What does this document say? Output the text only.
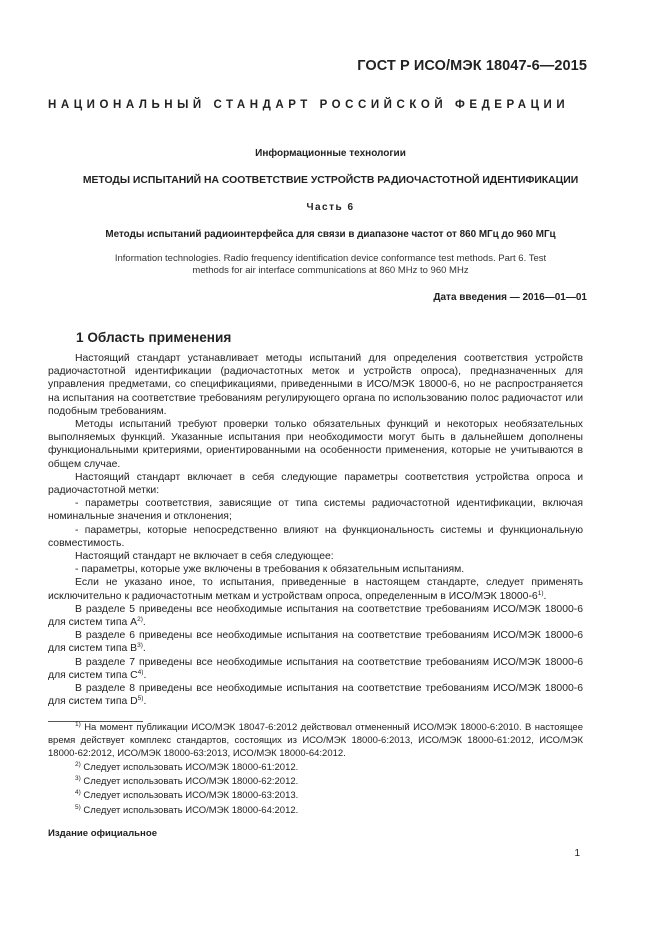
ГОСТ Р ИСО/МЭК 18047-6—2015
НАЦИОНАЛЬНЫЙ СТАНДАРТ РОССИЙСКОЙ ФЕДЕРАЦИИ
Информационные технологии
МЕТОДЫ ИСПЫТАНИЙ НА СООТВЕТСТВИЕ УСТРОЙСТВ РАДИОЧАСТОТНОЙ ИДЕНТИФИКАЦИИ
Часть 6
Методы испытаний радиоинтерфейса для связи в диапазоне частот от 860 МГц до 960 МГц
Information technologies. Radio frequency identification device conformance test methods. Part 6. Test methods for air interface communications at 860 MHz to 960 MHz
Дата введения — 2016—01—01
1 Область применения

Настоящий стандарт устанавливает методы испытаний для определения соответствия устройств радиочастотной идентификации (радиочастотных меток и устройств опроса), предназначенных для управления предметами, со спецификациями, приведенными в ИСО/МЭК 18000-6, но не распространяется на испытания на соответствие требованиям регулирующего органа по использованию полос радиочастот или подобным требованиям.

Методы испытаний требуют проверки только обязательных функций и некоторых необязательных выполняемых функций. Указанные испытания при необходимости могут быть в дальнейшем дополнены функциональными критериями, ориентированными на особенности применения, которые не учитываются в общем случае.

Настоящий стандарт включает в себя следующие параметры соответствия устройства опроса и радиочастотной метки:

- параметры соответствия, зависящие от типа системы радиочастотной идентификации, включая номинальные значения и отклонения;

- параметры, которые непосредственно влияют на функциональность системы и функциональную совместимость.

Настоящий стандарт не включает в себя следующее:

- параметры, которые уже включены в требования к обязательным испытаниям.

Если не указано иное, то испытания, приведенные в настоящем стандарте, следует применять исключительно к радиочастотным меткам и устройствам опроса, определенным в ИСО/МЭК 18000-6$^{1)}$.

В разделе 5 приведены все необходимые испытания на соответствие требованиям ИСО/МЭК 18000-6 для систем типа $A^{2)}$.

В разделе 6 приведены все необходимые испытания на соответствие требованиям ИСО/МЭК 18000-6 для систем типа $B^{3)}$.

В разделе 7 приведены все необходимые испытания на соответствие требованиям ИСО/МЭК 18000-6 для систем типа $C^{4)}$.

В разделе 8 приведены все необходимые испытания на соответствие требованиям ИСО/МЭК 18000-6 для систем типа $D^{5)}$.

$^{1)}$ На момент публикации ИСО/МЭК 18047-6:2012 действовал отмененный ИСО/МЭК 18000-6:2010. В настоящее время действует комплекс стандартов, состоящих из ИСО/МЭК 18000-6:2013, ИСО/МЭК 18000-61:2012, ИСО/МЭК 18000-62:2012, ИСО/МЭК 18000-63:2013, ИСО/МЭК 18000-64:2012.

$^{2)}$ Следует использовать ИСО/МЭК 18000-61:2012.

$^{3)}$ Следует использовать ИСО/МЭК 18000-62:2012.

$^{4)}$ Следует использовать ИСО/МЭК 18000-63:2013.

$^{5)}$ Следует использовать ИСО/МЭК 18000-64:2012.

Издание официальное
1
